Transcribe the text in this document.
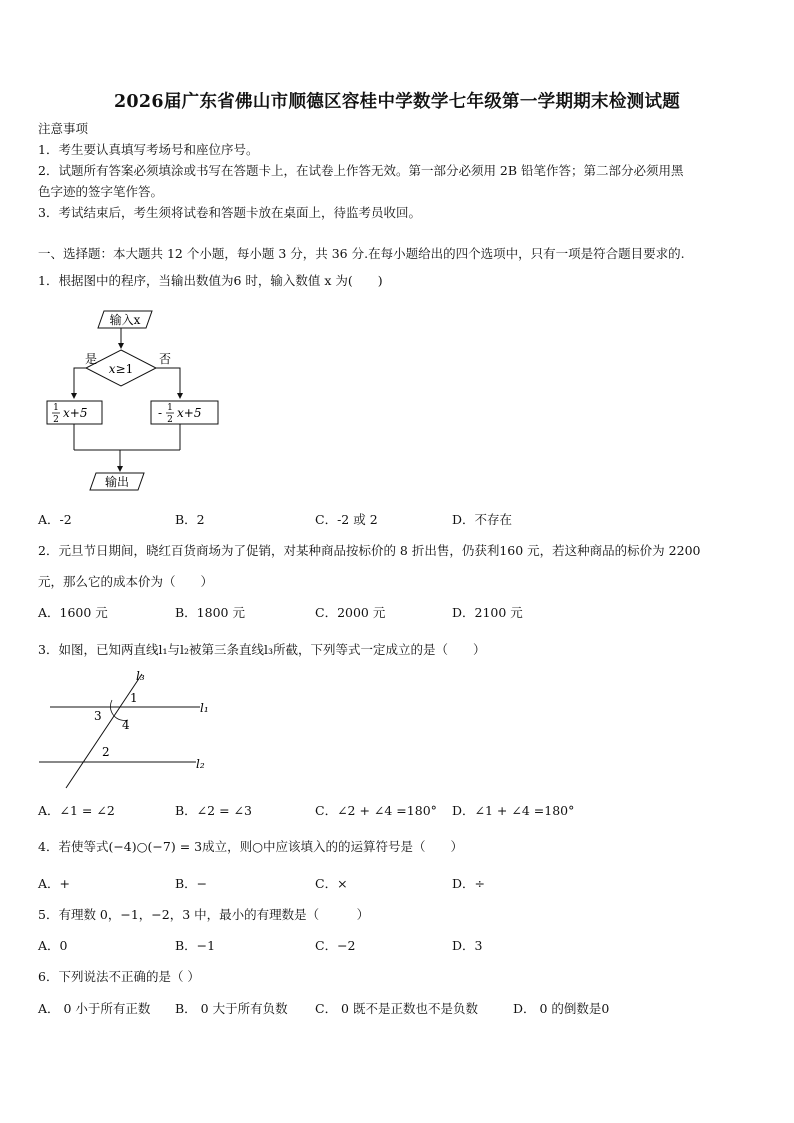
2026届广东省佛山市顺德区容桂中学数学七年级第一学期期末检测试题
注意事项
1．考生要认真填写考场号和座位序号。
2．试题所有答案必须填涂或书写在答题卡上，在试卷上作答无效。第一部分必须用 2B 铅笔作答；第二部分必须用黑
色字迹的签字笔作答。
3．考试结束后，考生须将试卷和答题卡放在桌面上，待监考员收回。
一、选择题：本大题共 12 个小题，每小题 3 分，共 36 分.在每小题给出的四个选项中，只有一项是符合题目要求的.
1．根据图中的程序，当输出数值为6 时，输入数值 x 为(　　)
输入x
x≥1
是	否
1
2 x+5	- 1
2 x+5
输出
A．-2	B．2	C．-2 或 2	D．不存在
2．元旦节日期间，晓红百货商场为了促销，对某种商品按标价的 8 折出售，仍获利160 元，若这种商品的标价为 2200
元，那么它的成本价为（　　）
A．1600 元	B．1800 元	C．2000 元	D．2100 元
3．如图，已知两直线l₁与l₂被第三条直线l₃所截，下列等式一定成立的是（　　）
l₃
l₁
l₂
1
3
4
2
A．∠1 = ∠2	B．∠2 = ∠3	C．∠2 + ∠4 =180° D．∠1 + ∠4 =180°
4．若使等式(−4)○(−7) = 3成立，则○中应该填入的的运算符号是（　　）
A．+	B．−	C．×	D．÷
5．有理数 0，−1，−2，3 中，最小的有理数是（　　　）
A．0	B．−1	C．−2	D．3
6．下列说法不正确的是（ ）
A． 0 小于所有正数 B． 0 大于所有负数 C． 0 既不是正数也不是负数	D． 0 的倒数是0
